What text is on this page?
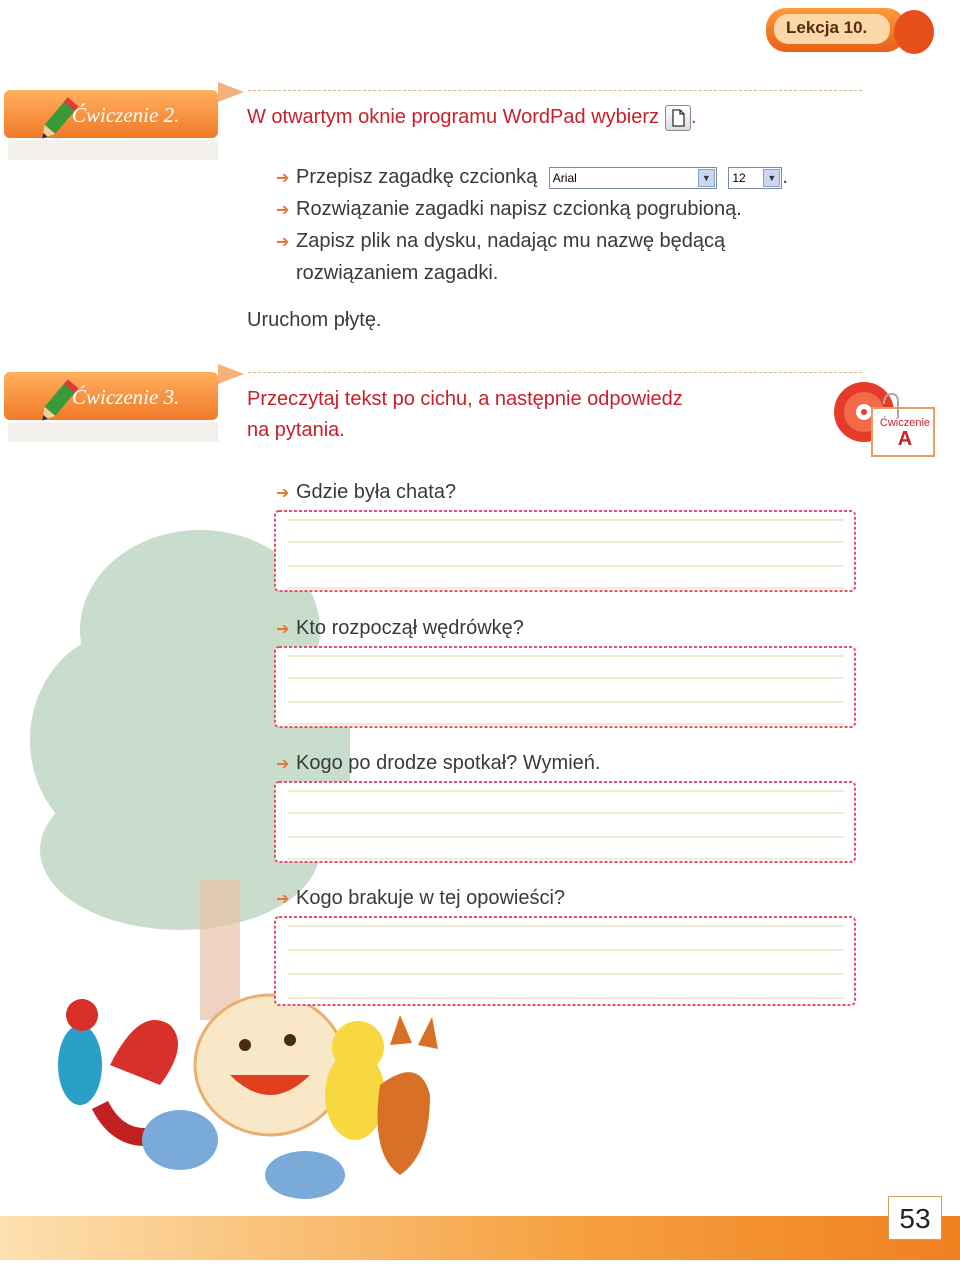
Lekcja 10.
Ćwiczenie 2.	W otwartym oknie programu WordPad wybierz .
➔ Przepisz zagadkę czcionką Arial	▼	12	▼ .
➔ Rozwiązanie zagadki napisz czcionką pogrubioną.
➔ Zapisz plik na dysku, nadając mu nazwę będącą
rozwiązaniem zagadki.
Uruchom płytę.
Ćwiczenie 3.	Przeczytaj tekst po cichu, a następnie odpowiedz
na pytania.	Ćwiczenie
A
➔ Gdzie była chata?
➔ Kto rozpoczął wędrówkę?
➔ Kogo po drodze spotkał? Wymień.
➔ Kogo brakuje w tej opowieści?
53
